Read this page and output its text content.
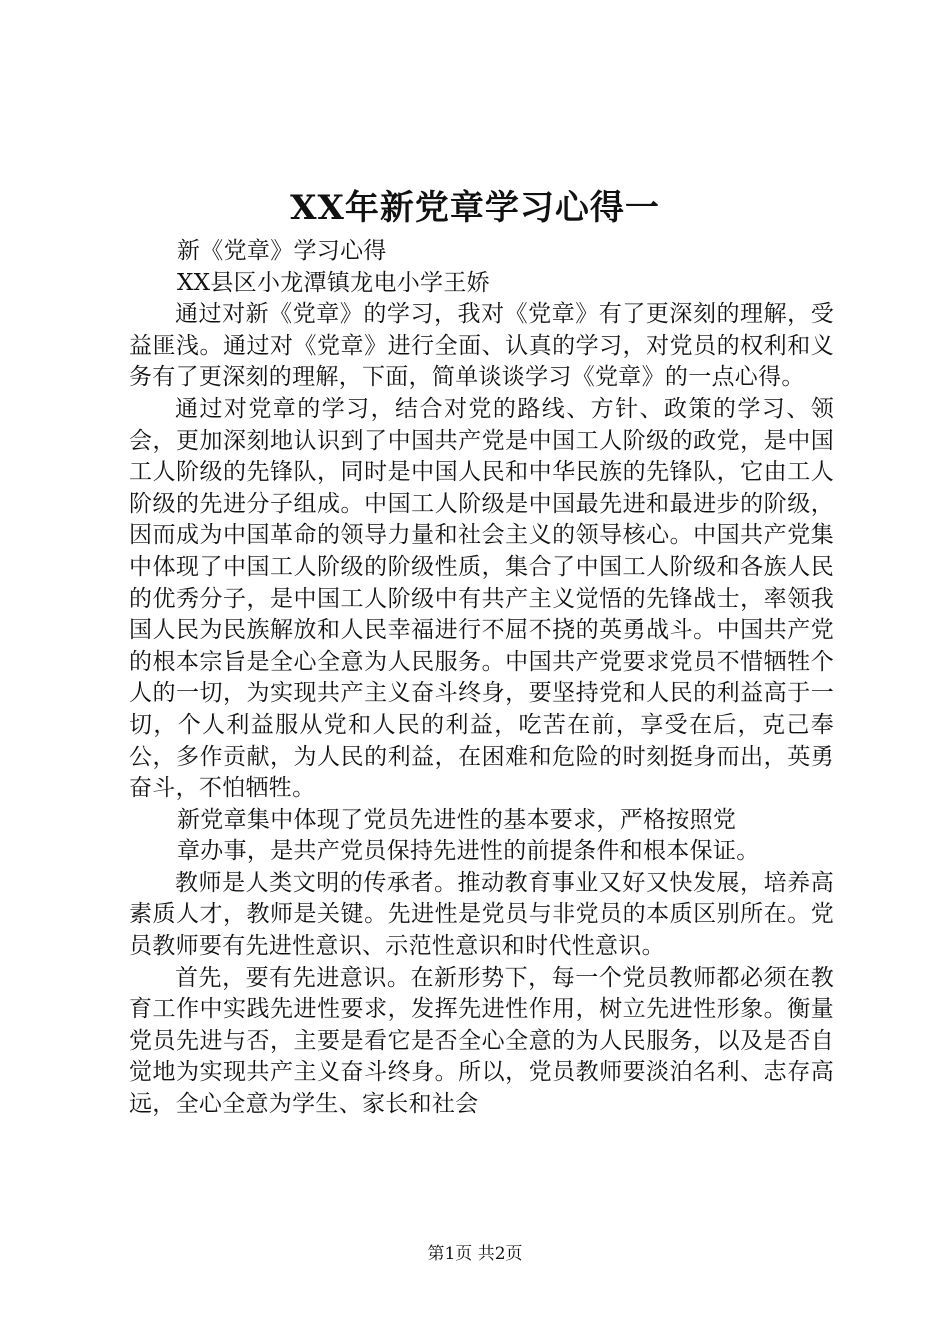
XX年新党章学习心得一
新《党章》学习心得
XX县区小龙潭镇龙电小学王娇

通过对新《党章》的学习，我对《党章》有了更深刻的理解，受益匪浅。通过对《党章》进行全面、认真的学习，对党员的权利和义务有了更深刻的理解，下面，简单谈谈学习《党章》的一点心得。

通过对党章的学习，结合对党的路线、方针、政策的学习、领会，更加深刻地认识到了中国共产党是中国工人阶级的政党，是中国工人阶级的先锋队，同时是中国人民和中华民族的先锋队，它由工人阶级的先进分子组成。中国工人阶级是中国最先进和最进步的阶级，因而成为中国革命的领导力量和社会主义的领导核心。中国共产党集中体现了中国工人阶级的阶级性质，集合了中国工人阶级和各族人民的优秀分子，是中国工人阶级中有共产主义觉悟的先锋战士，率领我国人民为民族解放和人民幸福进行不屈不挠的英勇战斗。中国共产党的根本宗旨是全心全意为人民服务。中国共产党要求党员不惜牺牲个人的一切，为实现共产主义奋斗终身，要坚持党和人民的利益高于一切，个人利益服从党和人民的利益，吃苦在前，享受在后，克己奉公，多作贡献，为人民的利益，在困难和危险的时刻挺身而出，英勇奋斗，不怕牺牲。

新党章集中体现了党员先进性的基本要求，严格按照党
章办事，是共产党员保持先进性的前提条件和根本保证。

教师是人类文明的传承者。推动教育事业又好又快发展，培养高素质人才，教师是关键。先进性是党员与非党员的本质区别所在。党员教师要有先进性意识、示范性意识和时代性意识。

首先，要有先进意识。在新形势下，每一个党员教师都必须在教育工作中实践先进性要求，发挥先进性作用，树立先进性形象。衡量党员先进与否，主要是看它是否全心全意的为人民服务，以及是否自觉地为实现共产主义奋斗终身。所以，党员教师要淡泊名利、志存高远，全心全意为学生、家长和社会

第1页 共2页
